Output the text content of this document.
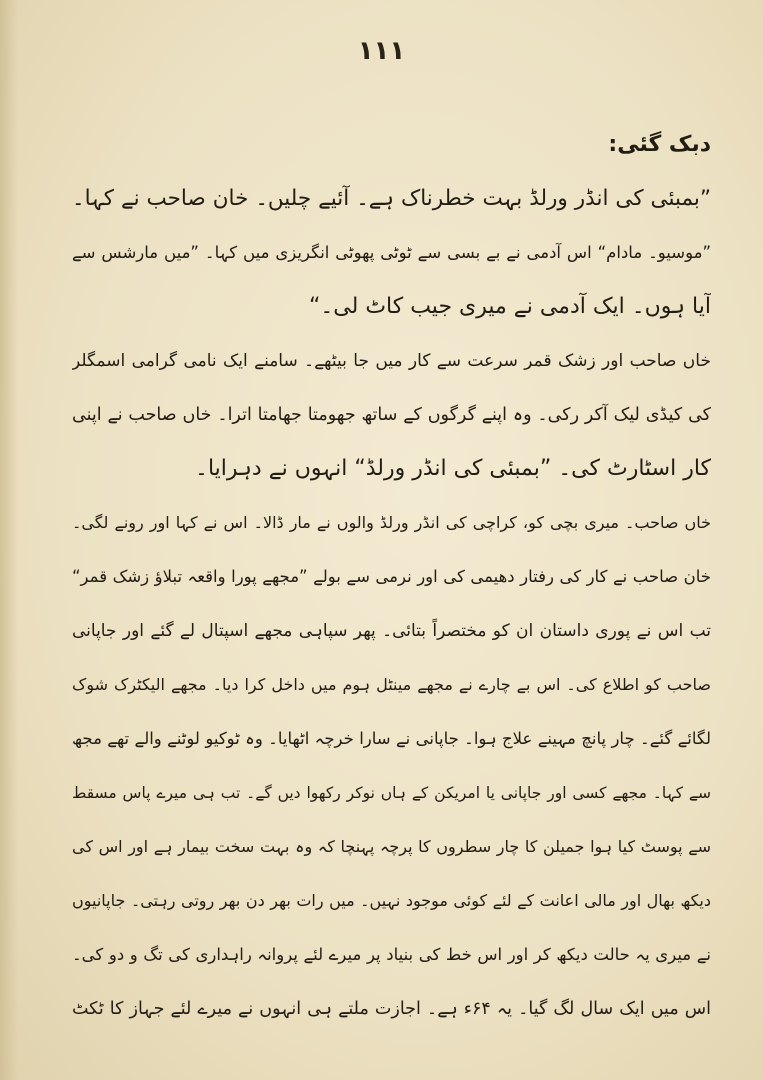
۱۱۱
دبک گئی:
”بمبئی کی انڈر ورلڈ بہت خطرناک ہے۔ آئیے چلیں۔ خان صاحب نے کہا۔
”موسیو۔ مادام“ اس آدمی نے بے بسی سے ٹوٹی پھوٹی انگریزی میں کہا۔ ”میں مارشس سے
آیا ہوں۔ ایک آدمی نے میری جیب کاٹ لی۔“
خاں صاحب اور زشک قمر سرعت سے کار میں جا بیٹھے۔ سامنے ایک نامی گرامی اسمگلر
کی کیڈی لیک آکر رکی۔ وہ اپنے گرگوں کے ساتھ جھومتا جھامتا اترا۔ خاں صاحب نے اپنی
کار اسٹارٹ کی۔ ”بمبئی کی انڈر ورلڈ“ انہوں نے دہرایا۔
خاں صاحب۔ میری بچی کو، کراچی کی انڈر ورلڈ والوں نے مار ڈالا۔ اس نے کہا اور رونے لگی۔
خان صاحب نے کار کی رفتار دھیمی کی اور نرمی سے بولے ”مجھے پورا واقعہ تبلاؤ زشک قمر“
تب اس نے پوری داستان ان کو مختصراً بتائی۔ پھر سپاہی مجھے اسپتال لے گئے اور جاپانی
صاحب کو اطلاع کی۔ اس بے چارے نے مجھے مینٹل ہوم میں داخل کرا دیا۔ مجھے الیکٹرک شوک
لگائے گئے۔ چار پانچ مہینے علاج ہوا۔ جاپانی نے سارا خرچہ اٹھایا۔ وہ ٹوکیو لوٹنے والے تھے مجھ
سے کہا۔ مجھے کسی اور جاپانی یا امریکن کے ہاں نوکر رکھوا دیں گے۔ تب ہی میرے پاس مسقط
سے پوسٹ کیا ہوا جمیلن کا چار سطروں کا پرچہ پہنچا کہ وہ بہت سخت بیمار ہے اور اس کی
دیکھ بھال اور مالی اعانت کے لئے کوئی موجود نہیں۔ میں رات بھر دن بھر روتی رہتی۔ جاپانیوں
نے میری یہ حالت دیکھ کر اور اس خط کی بنیاد پر میرے لئے پروانہ راہداری کی تگ و دو کی۔
اس میں ایک سال لگ گیا۔ یہ ۶۴ء ہے۔ اجازت ملتے ہی انہوں نے میرے لئے جہاز کا ٹکٹ
